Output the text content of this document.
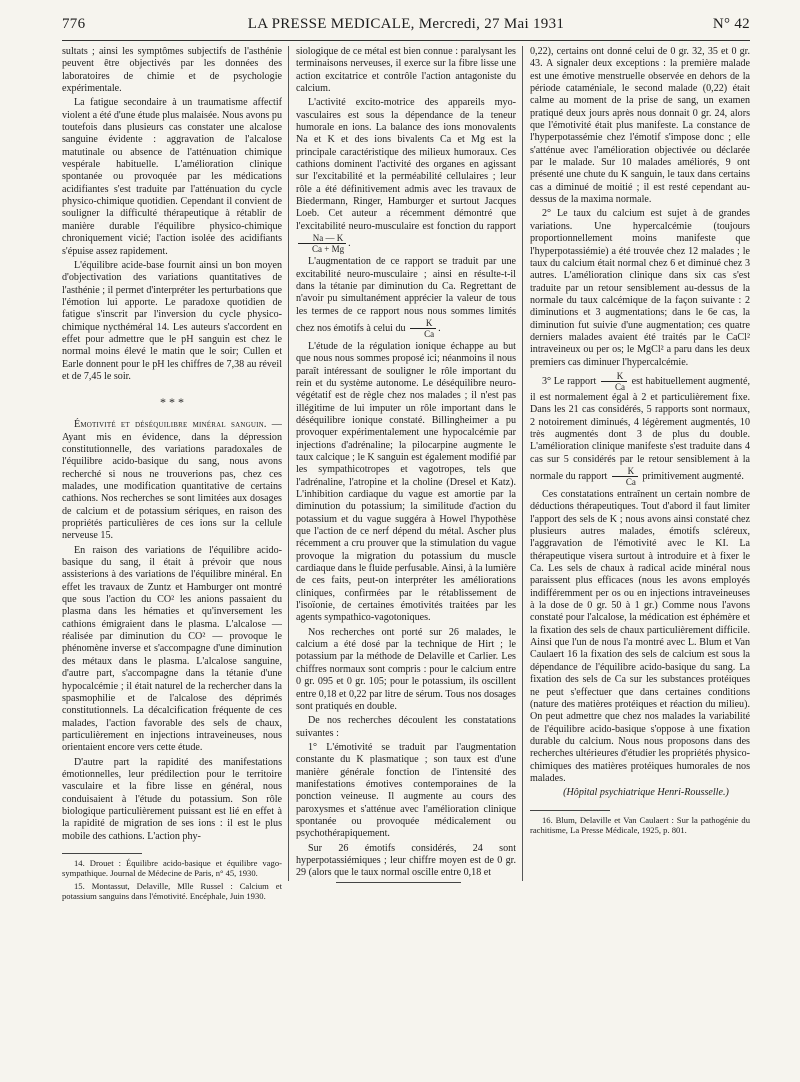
776	LA PRESSE MEDICALE, Mercredi, 27 Mai 1931	N° 42

sultats ; ainsi les symptômes subjectifs de l'asthénie peuvent être objectivés par les données des laboratoires de chimie et de psychologie expérimentale.

La fatigue secondaire à un traumatisme affectif violent a été d'une étude plus malaisée. Nous avons pu toutefois dans plusieurs cas constater une alcalose sanguine évidente : aggravation de l'alcalose matutinale ou absence de l'atténuation chimique vespérale habituelle. L'amélioration clinique spontanée ou provoquée par les médications acidifiantes s'est traduite par l'atténuation du cycle physico-chimique quotidien. Cependant il convient de souligner la difficulté thérapeutique à rétablir de manière durable l'équilibre physico-chimique chroniquement vicié; l'action isolée des acidifiants s'épuise assez rapidement.

L'équilibre acide-base fournit ainsi un bon moyen d'objectivation des variations quantitatives de l'asthénie ; il permet d'interpréter les perturbations que l'émotion lui apporte. Le paradoxe quotidien de fatigue s'inscrit par l'inversion du cycle physico-chimique nycthéméral 14. Les auteurs s'accordent en effet pour admettre que le pH sanguin est chez le normal moins élevé le matin que le soir; Cullen et Earle donnent pour le pH les chiffres de 7,38 au réveil et de 7,45 le soir.

* * *

Émotivité et déséquilibre minéral sanguin. — Ayant mis en évidence, dans la dépression constitutionnelle, des variations paradoxales de l'équilibre acido-basique du sang, nous avons recherché si nous ne trouverions pas, chez ces malades, une modification quantitative de certains cathions. Nos recherches se sont limitées aux dosages de calcium et de potassium sériques, en raison des propriétés particulières de ces ions sur la cellule nerveuse 15.

En raison des variations de l'équilibre acido-basique du sang, il était à prévoir que nous assisterions à des variations de l'équilibre minéral. En effet les travaux de Zuntz et Hamburger ont montré que sous l'action du CO² les anions passaient du plasma dans les hématies et qu'inversement les cathions émigraient dans le plasma. L'alcalose — réalisée par diminution du CO² — provoque le phénomène inverse et s'accompagne d'une diminution des métaux dans le plasma. L'alcalose sanguine, d'autre part, s'accompagne dans la tétanie d'une hypocalcémie ; il était naturel de la rechercher dans la spasmophilie et de l'alcalose des déprimés constitutionnels. La décalcification fréquente de ces malades, l'action favorable des sels de chaux, particulièrement en injections intraveineuses, nous orientaient encore vers cette étude.

D'autre part la rapidité des manifestations émotionnelles, leur prédilection pour le territoire vasculaire et la fibre lisse en général, nous conduisaient à l'étude du potassium. Son rôle biologique particulièrement puissant est lié en effet à la rapidité de migration de ses ions : il est le plus mobile des cathions. L'action phy-

14. Drouet : Équilibre acido-basique et équilibre vago-sympathique. Journal de Médecine de Paris, n° 45, 1930.

15. Montassut, Delaville, Mlle Russel : Calcium et potassium sanguins dans l'émotivité. Encéphale, Juin 1930.

siologique de ce métal est bien connue : paralysant les terminaisons nerveuses, il exerce sur la fibre lisse une action excitatrice et contrôle l'action antagoniste du calcium.

L'activité excito-motrice des appareils myo-vasculaires est sous la dépendance de la teneur humorale en ions. La balance des ions monovalents Na et K et des ions bivalents Ca et Mg est la principale caractéristique des milieux humoraux. Ces cathions dominent l'activité des organes en agissant sur l'excitabilité et la perméabilité cellulaires ; leur rôle a été définitivement admis avec les travaux de Biedermann, Ringer, Hamburger et surtout Jacques Loeb. Cet auteur a récemment démontré que l'excitabilité neuro-musculaire est fonction du rapport
$\frac{Na — K}{Ca + Mg}$ .

L'augmentation de ce rapport se traduit par une excitabilité neuro-musculaire ; ainsi en résulte-t-il dans la tétanie par diminution du Ca. Regrettant de n'avoir pu simultanément apprécier la valeur de tous les termes de ce rapport nous nous sommes limités chez nos émotifs à celui du $\frac{K}{Ca}$ .

L'étude de la régulation ionique échappe au but que nous nous sommes proposé ici; néanmoins il nous paraît intéressant de souligner le rôle important du rein et du système autonome. Le déséquilibre neuro-végétatif est de règle chez nos malades ; il n'est pas illégitime de lui imputer un rôle important dans le déséquilibre ionique constaté. Billingheimer a pu provoquer expérimentalement une hypocalcémie par injections d'adrénaline; la pilocarpine augmente le taux calcique ; le K sanguin est également modifié par les sympathicotropes et vagotropes, tels que l'adrénaline, l'atropine et la choline (Dresel et Katz). L'inhibition cardiaque du vague est amortie par la diminution du potassium; la similitude d'action du potassium et du vague suggéra à Howel l'hypothèse que l'action de ce nerf dépend du métal. Ascher plus récemment a cru prouver que la stimulation du vague provoque la migration du potassium du muscle cardiaque dans le fluide perfusable. Ainsi, à la lumière de ces faits, peut-on interpréter les améliorations cliniques, confirmées par le rétablissement de l'isoïonie, de certaines émotivités traitées par les agents sympathico-vagotoniques.

Nos recherches ont porté sur 26 malades, le calcium a été dosé par la technique de Hirt ; le potassium par la méthode de Delaville et Carlier. Les chiffres normaux sont compris : pour le calcium entre 0 gr. 095 et 0 gr. 105; pour le potassium, ils oscillent entre 0,18 et 0,22 par litre de sérum. Tous nos dosages sont pratiqués en double.

De nos recherches découlent les constatations suivantes :

1° L'émotivité se traduit par l'augmentation constante du K plasmatique ; son taux est d'une manière générale fonction de l'intensité des manifestations émotives contemporaines de la ponction veineuse. Il augmente au cours des paroxysmes et s'atténue avec l'amélioration clinique spontanée ou provoquée médicalement ou psychothérapiquement.

Sur 26 émotifs considérés, 24 sont hyperpotassiémiques ; leur chiffre moyen est de 0 gr. 29 (alors que le taux normal oscille entre 0,18 et

0,22), certains ont donné celui de 0 gr. 32, 35 et 0 gr. 43. A signaler deux exceptions : la première malade est une émotive menstruelle observée en dehors de la période cataméniale, le second malade (0,22) était calme au moment de la prise de sang, un examen pratiqué deux jours après nous donnait 0 gr. 24, alors que l'émotivité était plus manifeste. La constance de l'hyperpotassémie chez l'émotif s'impose donc ; elle s'atténue avec l'amélioration objectivée ou déclarée par le malade. Sur 10 malades améliorés, 9 ont présenté une chute du K sanguin, le taux dans certains cas a diminué de moitié ; il est resté cependant au-dessus de la maxima normale.

2° Le taux du calcium est sujet à de grandes variations. Une hypercalcémie (toujours proportionnellement moins manifeste que l'hyperpotassiémie) a été trouvée chez 12 malades ; le taux du calcium était normal chez 6 et diminué chez 3 autres. L'amélioration clinique dans six cas s'est traduite par un retour sensiblement au-dessus de la normale du taux calcémique de la façon suivante : 2 diminutions et 3 augmentations; dans le 6e cas, la diminution fut suivie d'une augmentation; ces quatre derniers malades avaient été traités par le CaCl² intraveineux ou per os; le MgCl² a paru dans les deux premiers cas diminuer l'hypercalcémie.

3° Le rapport $\frac{K}{Ca}$ est habituellement augmenté, il est normalement égal à 2 et particulièrement fixe. Dans les 21 cas considérés, 5 rapports sont normaux, 2 notoirement diminués, 4 légèrement augmentés, 10 très augmentés dont 3 de plus du double. L'amélioration clinique manifeste s'est traduite dans 4 cas sur 5 considérés par le retour sensiblement à la normale du rapport $\frac{K}{Ca}$ primitivement augmenté.

Ces constatations entraînent un certain nombre de déductions thérapeutiques. Tout d'abord il faut limiter l'apport des sels de K ; nous avons ainsi constaté chez plusieurs autres malades, émotifs scléreux, l'aggravation de l'émotivité avec le KI. La thérapeutique visera surtout à introduire et à fixer le Ca. Les sels de chaux à radical acide minéral nous paraissent plus efficaces (nous les avons employés indifféremment per os ou en injections intraveineuses à la dose de 0 gr. 50 à 1 gr.) Comme nous l'avons constaté pour l'alcalose, la médication est éphémère et la fixation des sels de chaux particulièrement difficile. Ainsi que l'un de nous l'a montré avec L. Blum et Van Caulaert 16 la fixation des sels de calcium est sous la dépendance de l'équilibre acido-basique du sang. La fixation des sels de Ca sur les substances protéiques ne peut s'effectuer que dans certaines conditions (nature des matières protéiques et réaction du milieu). On peut admettre que chez nos malades la variabilité de l'équilibre acido-basique s'oppose à une fixation durable du calcium. Nous nous proposons dans des recherches ultérieures d'étudier les propriétés physico-chimiques des matières protéiques humorales de nos malades.

(Hôpital psychiatrique Henri-Rousselle.)

16. Blum, Delaville et Van Caulaert : Sur la pathogénie du rachitisme, La Presse Médicale, 1925, p. 801.
